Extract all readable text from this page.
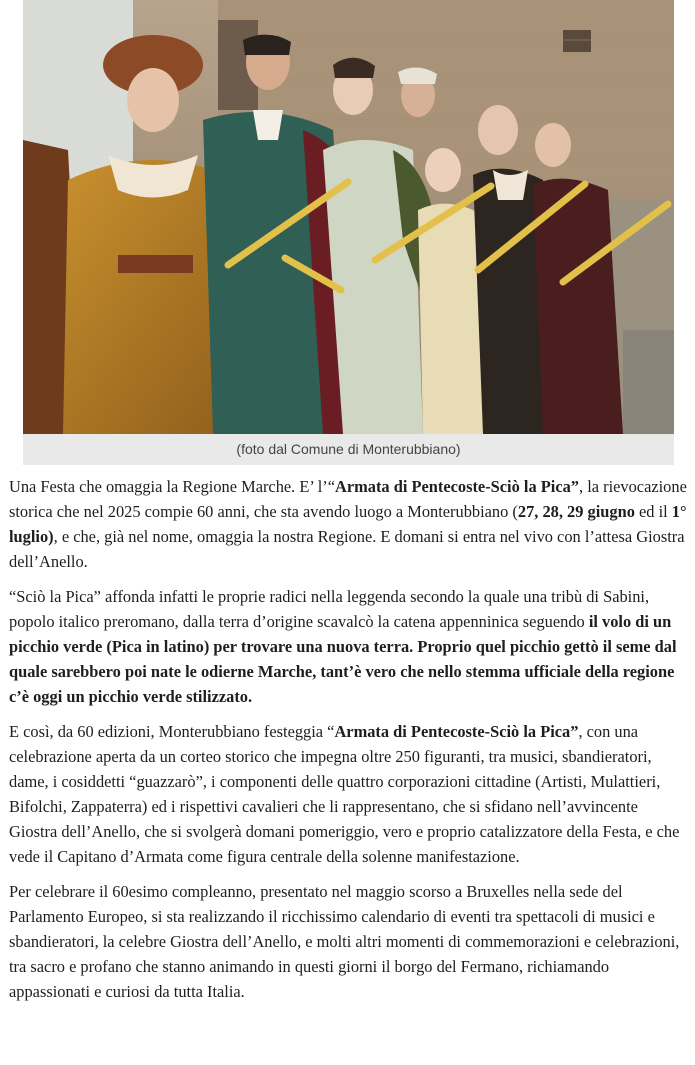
(foto dal Comune di Monterubbiano)

Una Festa che omaggia la Regione Marche. E’ l’“Armata di Pentecoste-Sciò la Pica”, la rievocazione storica che nel 2025 compie 60 anni, che sta avendo luogo a Monterubbiano (27, 28, 29 giugno ed il 1° luglio), e che, già nel nome, omaggia la nostra Regione. E domani si entra nel vivo con l’attesa Giostra dell’Anello.

“Sciò la Pica” affonda infatti le proprie radici nella leggenda secondo la quale una tribù di Sabini, popolo italico preromano, dalla terra d’origine scavalcò la catena appenninica seguendo il volo di un picchio verde (Pica in latino) per trovare una nuova terra. Proprio quel picchio gettò il seme dal quale sarebbero poi nate le odierne Marche, tant’è vero che nello stemma ufficiale della regione c’è oggi un picchio verde stilizzato.

E così, da 60 edizioni, Monterubbiano festeggia “Armata di Pentecoste-Sciò la Pica”, con una celebrazione aperta da un corteo storico che impegna oltre 250 figuranti, tra musici, sbandieratori, dame, i cosiddetti “guazzarò”, i componenti delle quattro corporazioni cittadine (Artisti, Mulattieri, Bifolchi, Zappaterra) ed i rispettivi cavalieri che li rappresentano, che si sfidano nell’avvincente Giostra dell’Anello, che si svolgerà domani pomeriggio, vero e proprio catalizzatore della Festa, e che vede il Capitano d’Armata come figura centrale della solenne manifestazione.

Per celebrare il 60esimo compleanno, presentato nel maggio scorso a Bruxelles nella sede del Parlamento Europeo, si sta realizzando il ricchissimo calendario di eventi tra spettacoli di musici e sbandieratori, la celebre Giostra dell’Anello, e molti altri momenti di commemorazioni e celebrazioni, tra sacro e profano che stanno animando in questi giorni il borgo del Fermano, richiamando appassionati e curiosi da tutta Italia.
